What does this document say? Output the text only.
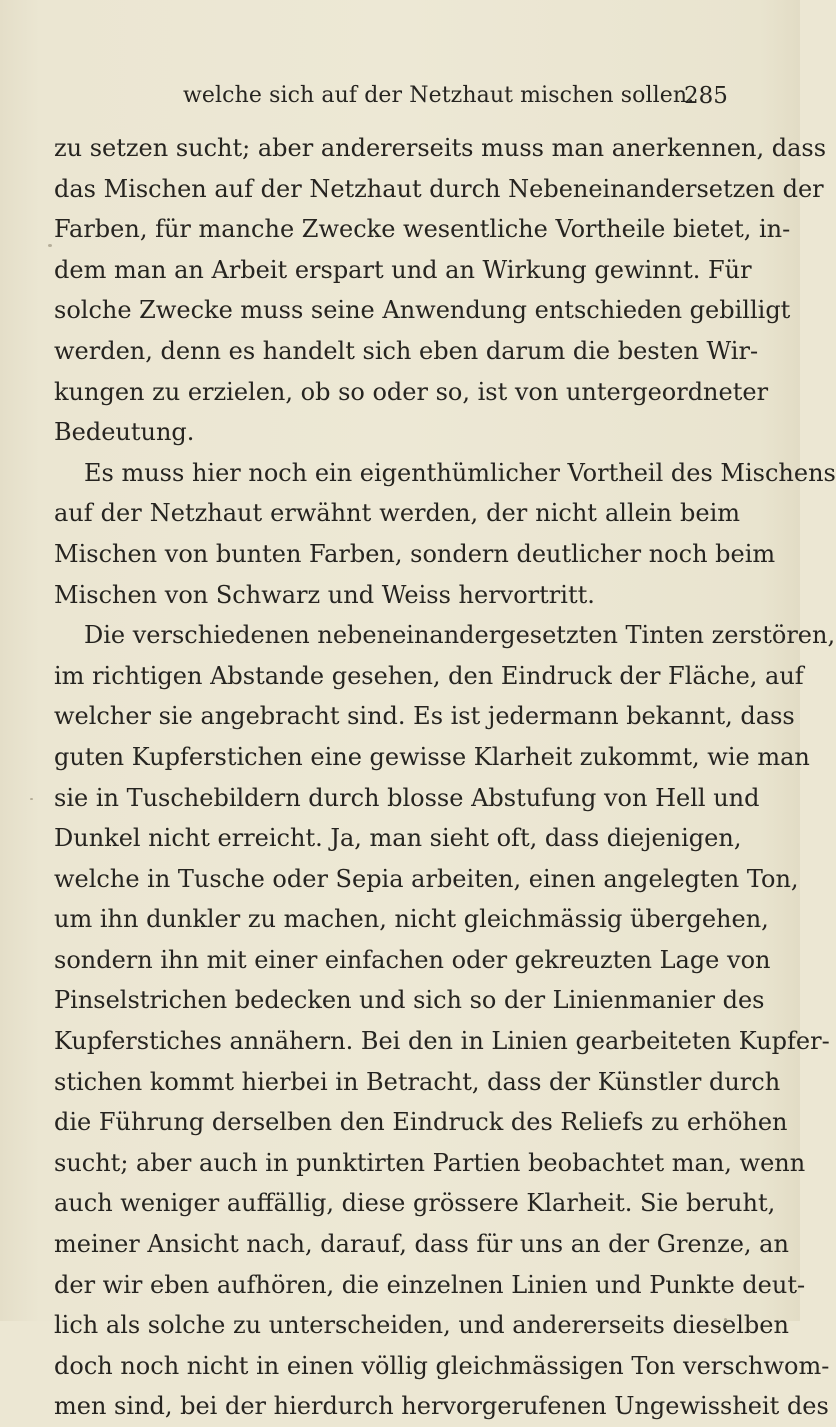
welche sich auf der Netzhaut mischen sollen.
285
zu setzen sucht; aber andererseits muss man anerkennen, dass
das Mischen auf der Netzhaut durch Nebeneinandersetzen der
Farben, für manche Zwecke wesentliche Vortheile bietet, in-
dem man an Arbeit erspart und an Wirkung gewinnt. Für
solche Zwecke muss seine Anwendung entschieden gebilligt
werden, denn es handelt sich eben darum die besten Wir-
kungen zu erzielen, ob so oder so, ist von untergeordneter
Bedeutung.
Es muss hier noch ein eigenthümlicher Vortheil des Mischens
auf der Netzhaut erwähnt werden, der nicht allein beim
Mischen von bunten Farben, sondern deutlicher noch beim
Mischen von Schwarz und Weiss hervortritt.
Die verschiedenen nebeneinandergesetzten Tinten zerstören,
im richtigen Abstande gesehen, den Eindruck der Fläche, auf
welcher sie angebracht sind. Es ist jedermann bekannt, dass
guten Kupferstichen eine gewisse Klarheit zukommt, wie man
sie in Tuschebildern durch blosse Abstufung von Hell und
Dunkel nicht erreicht. Ja, man sieht oft, dass diejenigen,
welche in Tusche oder Sepia arbeiten, einen angelegten Ton,
um ihn dunkler zu machen, nicht gleichmässig übergehen,
sondern ihn mit einer einfachen oder gekreuzten Lage von
Pinselstrichen bedecken und sich so der Linienmanier des
Kupferstiches annähern. Bei den in Linien gearbeiteten Kupfer-
stichen kommt hierbei in Betracht, dass der Künstler durch
die Führung derselben den Eindruck des Reliefs zu erhöhen
sucht; aber auch in punktirten Partien beobachtet man, wenn
auch weniger auffällig, diese grössere Klarheit. Sie beruht,
meiner Ansicht nach, darauf, dass für uns an der Grenze, an
der wir eben aufhören, die einzelnen Linien und Punkte deut-
lich als solche zu unterscheiden, und andererseits dieselben
doch noch nicht in einen völlig gleichmässigen Ton verschwom-
men sind, bei der hierdurch hervorgerufenen Ungewissheit des
